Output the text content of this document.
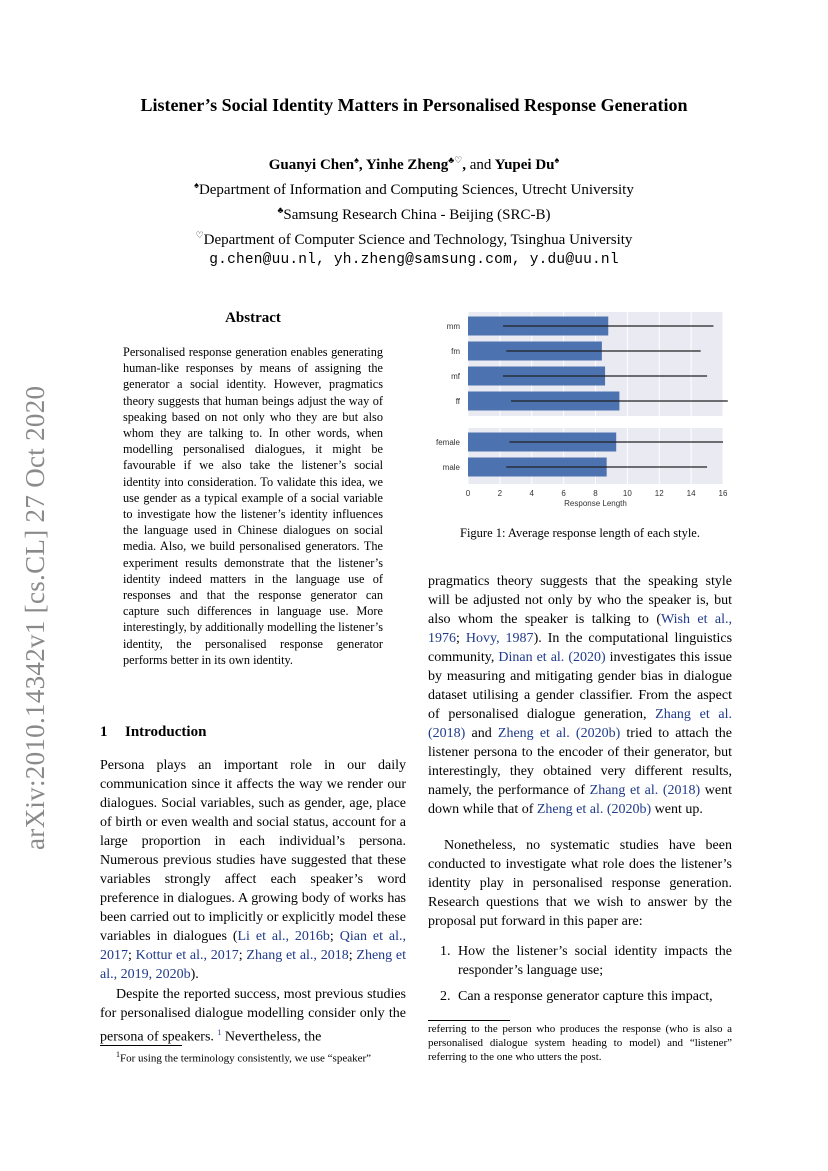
arXiv:2010.14342v1 [cs.CL] 27 Oct 2020
Listener’s Social Identity Matters in Personalised Response Generation
Guanyi Chen♠, Yinhe Zheng♣♡, and Yupei Du♠
♠Department of Information and Computing Sciences, Utrecht University
♣Samsung Research China - Beijing (SRC-B)
♡Department of Computer Science and Technology, Tsinghua University
g.chen@uu.nl, yh.zheng@samsung.com, y.du@uu.nl
Abstract
Personalised response generation enables generating human-like responses by means of assigning the generator a social identity. However, pragmatics theory suggests that human beings adjust the way of speaking based on not only who they are but also whom they are talking to. In other words, when modelling personalised dialogues, it might be favourable if we also take the listener’s social identity into consideration. To validate this idea, we use gender as a typical example of a social variable to investigate how the listener’s identity influences the language used in Chinese dialogues on social media. Also, we build personalised generators. The experiment results demonstrate that the listener’s identity indeed matters in the language use of responses and that the response generator can capture such differences in language use. More interestingly, by additionally modelling the listener’s identity, the personalised response generator performs better in its own identity.
1 Introduction
Persona plays an important role in our daily communication since it affects the way we render our dialogues. Social variables, such as gender, age, place of birth or even wealth and social status, account for a large proportion in each individual’s persona. Numerous previous studies have suggested that these variables strongly affect each speaker’s word preference in dialogues. A growing body of works has been carried out to implicitly or explicitly model these variables in dialogues (Li et al., 2016b; Qian et al., 2017; Kottur et al., 2017; Zhang et al., 2018; Zheng et al., 2019, 2020b).
Despite the reported success, most previous studies for personalised dialogue modelling consider only the persona of speakers. $^1$ Nevertheless, the
$^1$For using the terminology consistently, we use “speaker”
mm
fm
mf
ff
female
male
0	2	4	6	8	10	12	14	16
Response Length
Figure 1: Average response length of each style.
pragmatics theory suggests that the speaking style will be adjusted not only by who the speaker is, but also whom the speaker is talking to (Wish et al., 1976; Hovy, 1987). In the computational linguistics community, Dinan et al. (2020) investigates this issue by measuring and mitigating gender bias in dialogue dataset utilising a gender classifier. From the aspect of personalised dialogue generation, Zhang et al. (2018) and Zheng et al. (2020b) tried to attach the listener persona to the encoder of their generator, but interestingly, they obtained very different results, namely, the performance of Zhang et al. (2018) went down while that of Zheng et al. (2020b) went up.
Nonetheless, no systematic studies have been conducted to investigate what role does the listener’s identity play in personalised response generation. Research questions that we wish to answer by the proposal put forward in this paper are:
1. How the listener’s social identity impacts the responder’s language use;
2. Can a response generator capture this impact,
referring to the person who produces the response (who is also a personalised dialogue system heading to model) and “listener” referring to the one who utters the post.
